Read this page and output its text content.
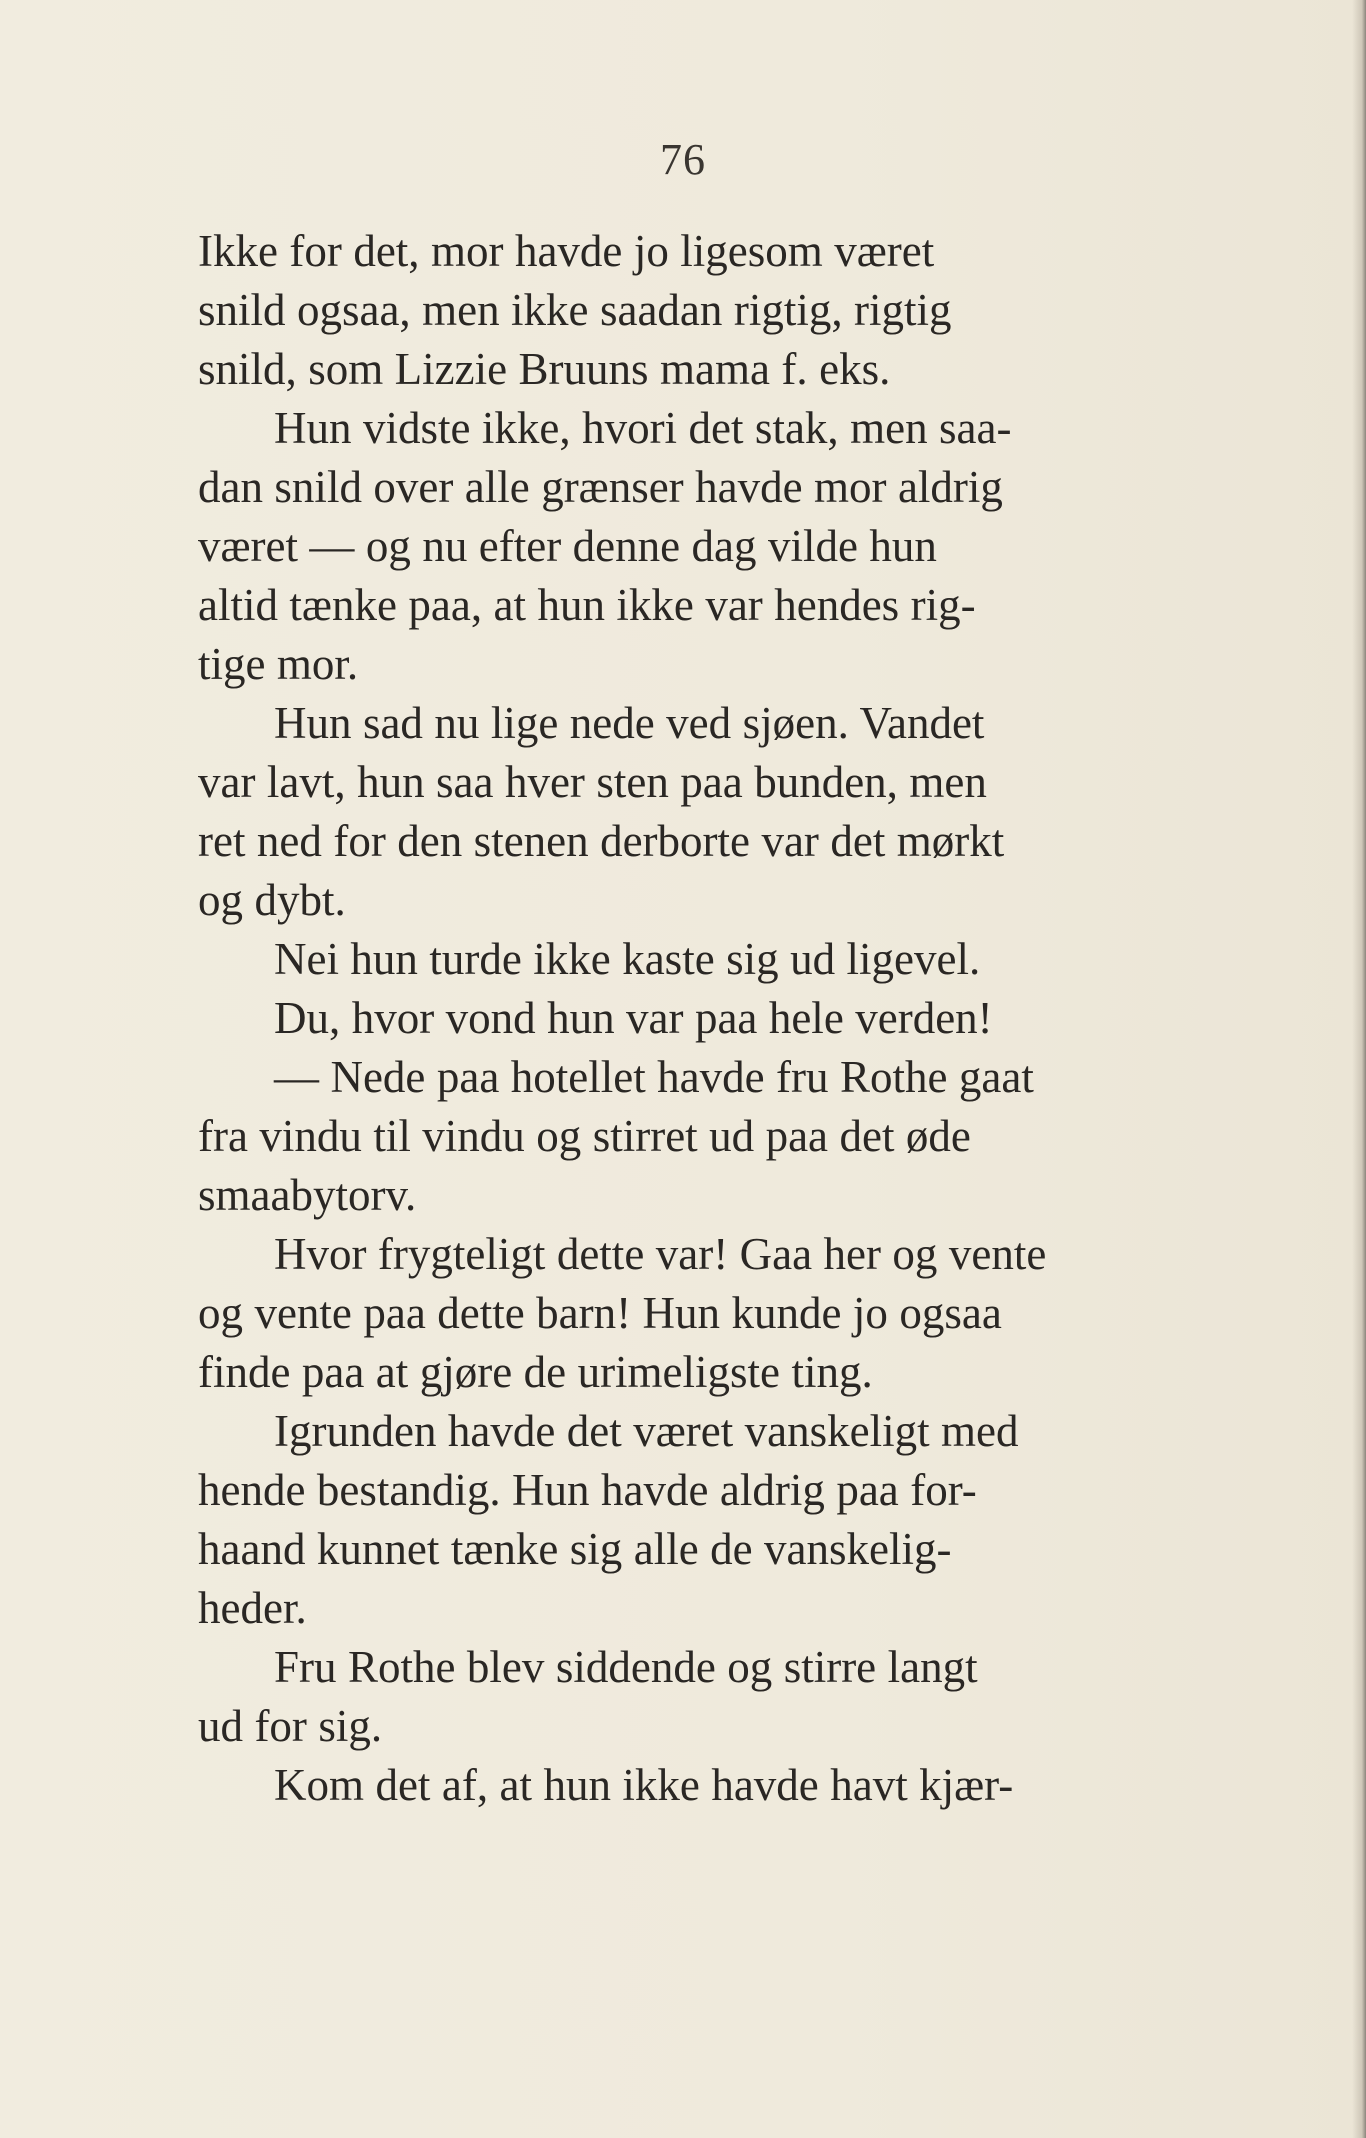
76
Ikke for det, mor havde jo ligesom været
snild ogsaa, men ikke saadan rigtig, rigtig
snild, som Lizzie Bruuns mama f. eks.
Hun vidste ikke, hvori det stak, men saa-
dan snild over alle grænser havde mor aldrig
været — og nu efter denne dag vilde hun
altid tænke paa, at hun ikke var hendes rig-
tige mor.
Hun sad nu lige nede ved sjøen. Vandet
var lavt, hun saa hver sten paa bunden, men
ret ned for den stenen derborte var det mørkt
og dybt.
Nei hun turde ikke kaste sig ud ligevel.
Du, hvor vond hun var paa hele verden!
— Nede paa hotellet havde fru Rothe gaat
fra vindu til vindu og stirret ud paa det øde
smaabytorv.
Hvor frygteligt dette var! Gaa her og vente
og vente paa dette barn! Hun kunde jo ogsaa
finde paa at gjøre de urimeligste ting.
Igrunden havde det været vanskeligt med
hende bestandig. Hun havde aldrig paa for-
haand kunnet tænke sig alle de vanskelig-
heder.
Fru Rothe blev siddende og stirre langt
ud for sig.
Kom det af, at hun ikke havde havt kjær-
